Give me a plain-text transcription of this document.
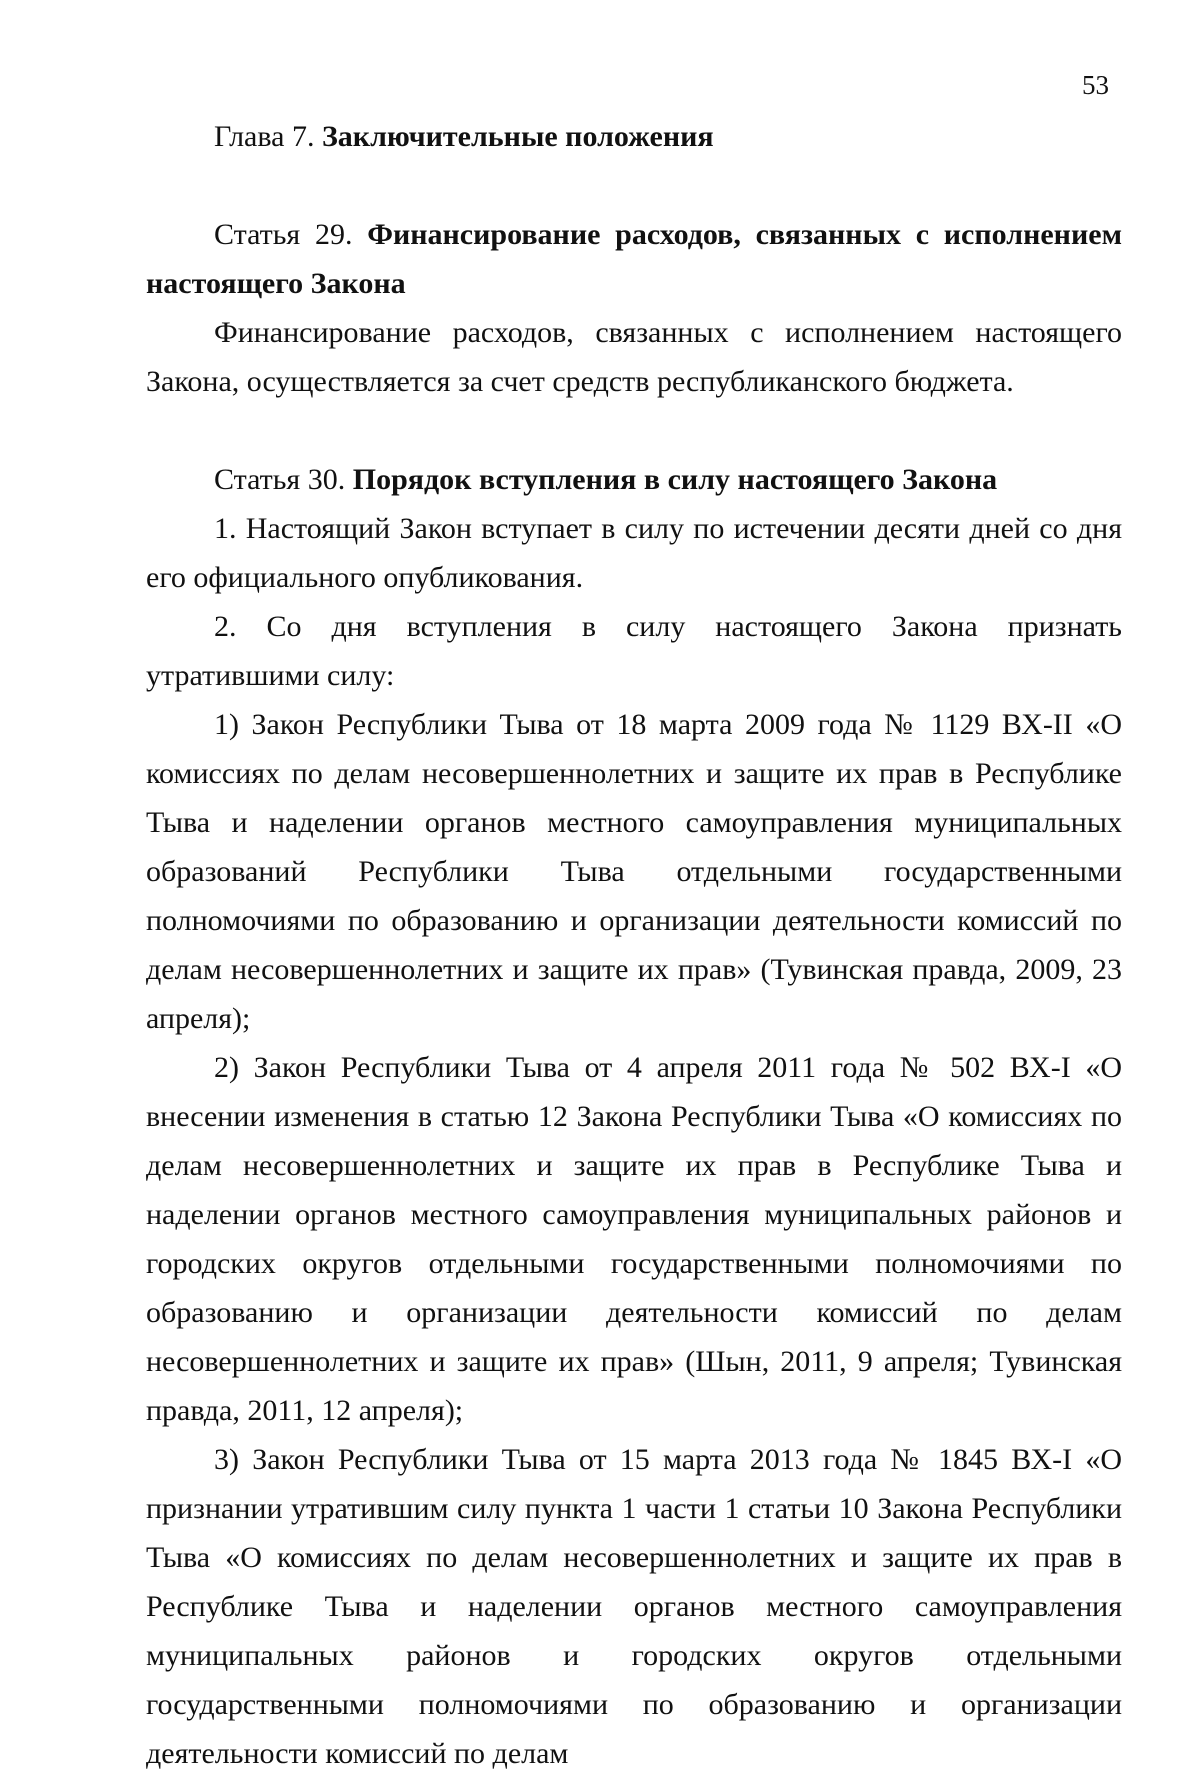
53

Глава 7. Заключительные положения

Статья 29. Финансирование расходов, связанных с исполнением настоящего Закона

Финансирование расходов, связанных с исполнением настоящего Закона, осуществляется за счет средств республиканского бюджета.

Статья 30. Порядок вступления в силу настоящего Закона

1. Настоящий Закон вступает в силу по истечении десяти дней со дня его официального опубликования.

2. Со дня вступления в силу настоящего Закона признать утратившими силу:

1) Закон Республики Тыва от 18 марта 2009 года № 1129 ВХ-II «О комиссиях по делам несовершеннолетних и защите их прав в Республике Тыва и наделении органов местного самоуправления муниципальных образований Республики Тыва отдельными государственными полномочиями по образованию и организации деятельности комиссий по делам несовершеннолетних и защите их прав» (Тувинская правда, 2009, 23 апреля);

2) Закон Республики Тыва от 4 апреля 2011 года № 502 ВХ-I «О внесении изменения в статью 12 Закона Республики Тыва «О комиссиях по делам несовершеннолетних и защите их прав в Республике Тыва и наделении органов местного самоуправления муниципальных районов и городских округов отдельными государственными полномочиями по образованию и организации деятельности комиссий по делам несовершеннолетних и защите их прав» (Шын, 2011, 9 апреля; Тувинская правда, 2011, 12 апреля);

3) Закон Республики Тыва от 15 марта 2013 года № 1845 ВХ-I «О признании утратившим силу пункта 1 части 1 статьи 10 Закона Республики Тыва «О комиссиях по делам несовершеннолетних и защите их прав в Республике Тыва и наделении органов местного самоуправления муниципальных районов и городских округов отдельными государственными полномочиями по образованию и организации деятельности комиссий по делам
